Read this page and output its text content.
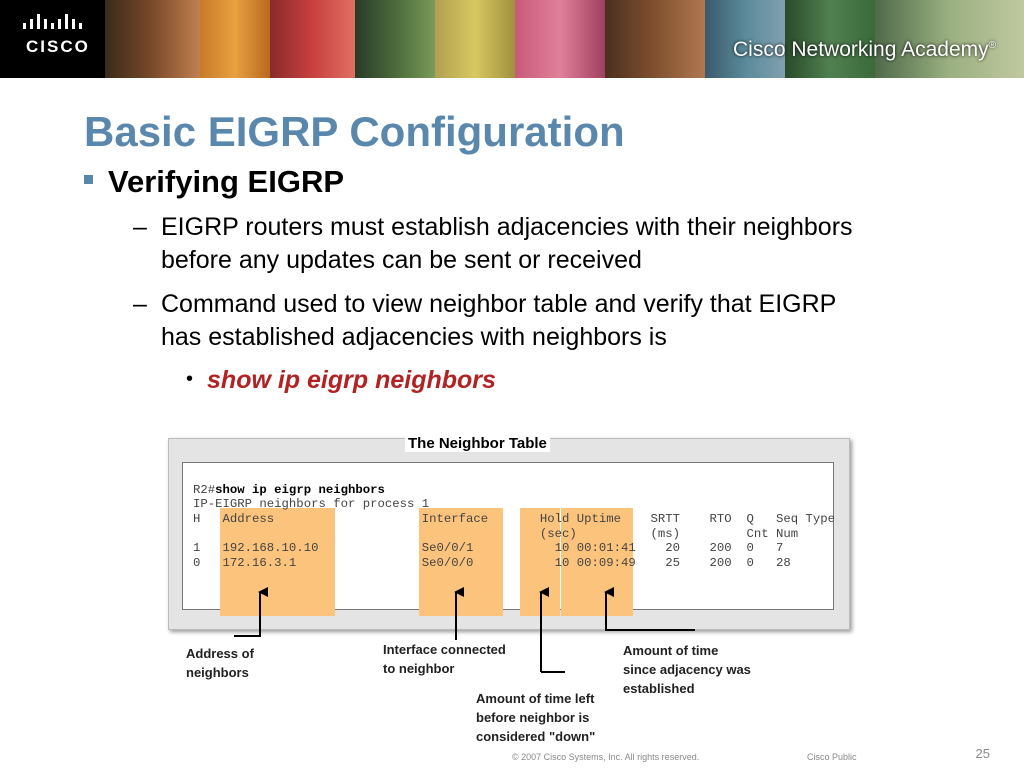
CISCO	Cisco Networking Academy®
Basic EIGRP Configuration
Verifying EIGRP
– EIGRP routers must establish adjacencies with their neighbors
before any updates can be sent or received
– Command used to view neighbor table and verify that EIGRP
has established adjacencies with neighbors is
• show ip eigrp neighbors
The Neighbor Table
R2#show ip eigrp neighbors
IP-EIGRP neighbors for process 1
H   Address                    Interface       Hold Uptime    SRTT    RTO  Q   Seq Type
(sec)          (ms)         Cnt Num
1   192.168.10.10              Se0/0/1           10 00:01:41    20    200  0   7
0   172.16.3.1                 Se0/0/0           10 00:09:49    25    200  0   28
Address of
neighbors
Interface connected
to neighbor
Amount of time left
before neighbor is
considered "down"
Amount of time
since adjacency was
established
© 2007 Cisco Systems, Inc. All rights reserved.	Cisco Public	25
